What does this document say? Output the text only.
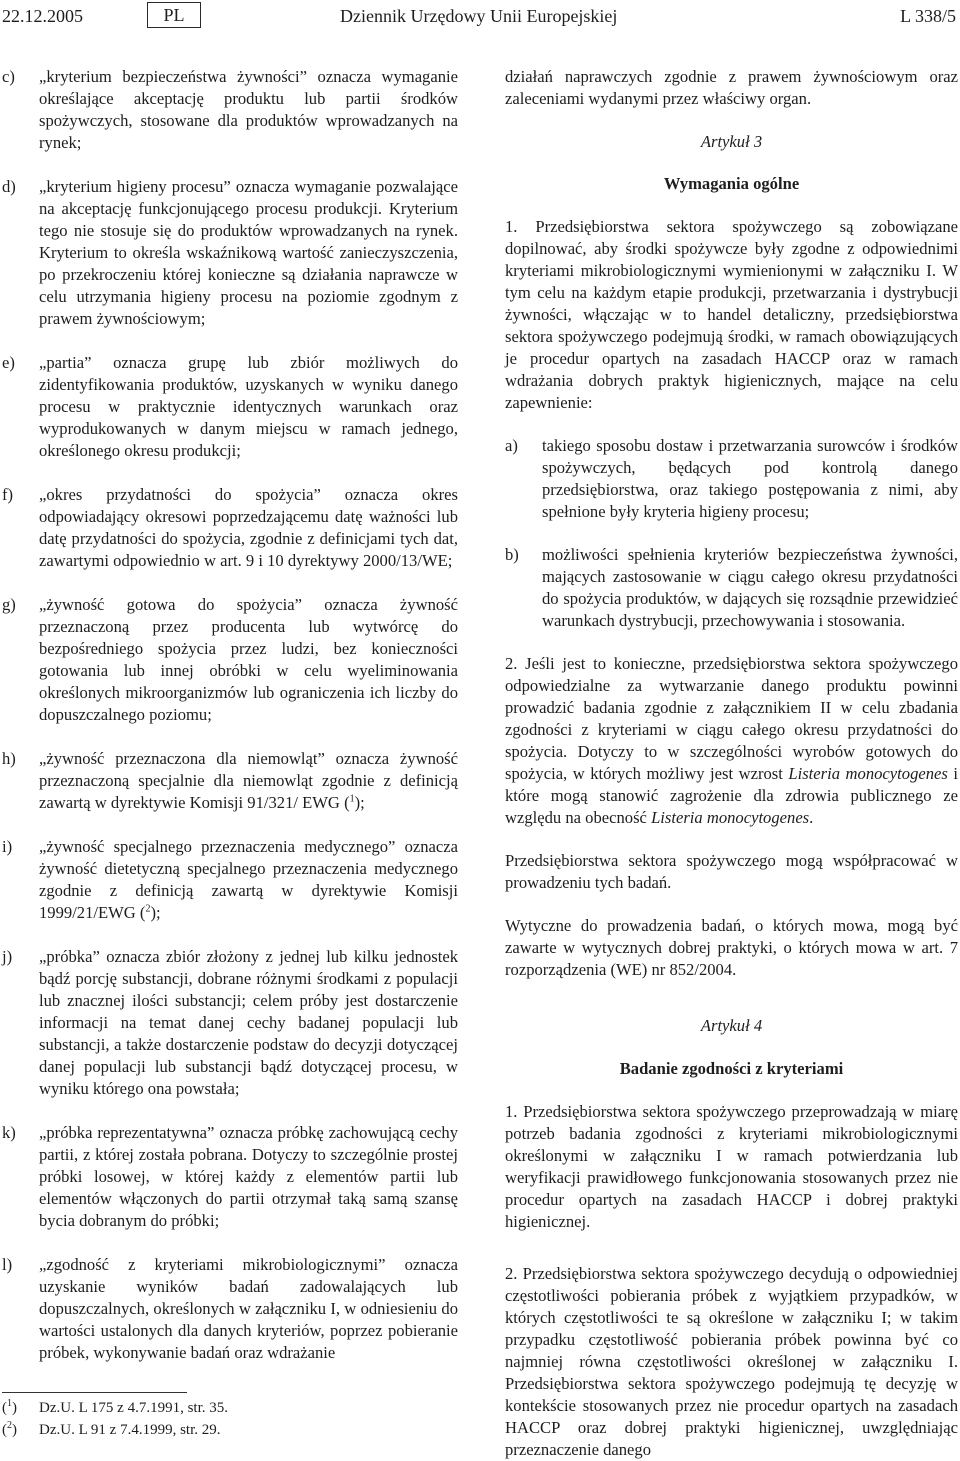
22.12.2005	PL	Dziennik Urzędowy Unii Europejskiej	L 338/5
c) „kryterium bezpieczeństwa żywności” oznacza wymaganie określające akceptację produktu lub partii środków spożywczych, stosowane dla produktów wprowadzanych na rynek;
d) „kryterium higieny procesu” oznacza wymaganie pozwalające na akceptację funkcjonującego procesu produkcji. Kryterium tego nie stosuje się do produktów wprowadzanych na rynek. Kryterium to określa wskaźnikową wartość zanieczyszczenia, po przekroczeniu której konieczne są działania naprawcze w celu utrzymania higieny procesu na poziomie zgodnym z prawem żywnościowym;
e) „partia” oznacza grupę lub zbiór możliwych do zidentyfikowania produktów, uzyskanych w wyniku danego procesu w praktycznie identycznych warunkach oraz wyprodukowanych w danym miejscu w ramach jednego, określonego okresu produkcji;
f) „okres przydatności do spożycia” oznacza okres odpowiadający okresowi poprzedzającemu datę ważności lub datę przydatności do spożycia, zgodnie z definicjami tych dat, zawartymi odpowiednio w art. 9 i 10 dyrektywy 2000/13/WE;
g) „żywność gotowa do spożycia” oznacza żywność przeznaczoną przez producenta lub wytwórcę do bezpośredniego spożycia przez ludzi, bez konieczności gotowania lub innej obróbki w celu wyeliminowania określonych mikroorganizmów lub ograniczenia ich liczby do dopuszczalnego poziomu;
h) „żywność przeznaczona dla niemowląt” oznacza żywność przeznaczoną specjalnie dla niemowląt zgodnie z definicją zawartą w dyrektywie Komisji 91/321/ EWG ($^1$);
i) „żywność specjalnego przeznaczenia medycznego” oznacza żywność dietetyczną specjalnego przeznaczenia medycznego zgodnie z definicją zawartą w dyrektywie Komisji 1999/21/EWG ($^2$);
j) „próbka” oznacza zbiór złożony z jednej lub kilku jednostek bądź porcję substancji, dobrane różnymi środkami z populacji lub znacznej ilości substancji; celem próby jest dostarczenie informacji na temat danej cechy badanej populacji lub substancji, a także dostarczenie podstaw do decyzji dotyczącej danej populacji lub substancji bądź dotyczącej procesu, w wyniku którego ona powstała;
k) „próbka reprezentatywna” oznacza próbkę zachowującą cechy partii, z której została pobrana. Dotyczy to szczególnie prostej próbki losowej, w której każdy z elementów partii lub elementów włączonych do partii otrzymał taką samą szansę bycia dobranym do próbki;
l) „zgodność z kryteriami mikrobiologicznymi” oznacza uzyskanie wyników badań zadowalających lub dopuszczalnych, określonych w załączniku I, w odniesieniu do wartości ustalonych dla danych kryteriów, poprzez pobieranie próbek, wykonywanie badań oraz wdrażanie
($^1$) Dz.U. L 175 z 4.7.1991, str. 35.
($^2$) Dz.U. L 91 z 7.4.1999, str. 29.

działań naprawczych zgodnie z prawem żywnościowym oraz zaleceniami wydanymi przez właściwy organ.

Artykuł 3

Wymagania ogólne

1. Przedsiębiorstwa sektora spożywczego są zobowiązane dopilnować, aby środki spożywcze były zgodne z odpowiednimi kryteriami mikrobiologicznymi wymienionymi w załączniku I. W tym celu na każdym etapie produkcji, przetwarzania i dystrybucji żywności, włączając w to handel detaliczny, przedsiębiorstwa sektora spożywczego podejmują środki, w ramach obowiązujących je procedur opartych na zasadach HACCP oraz w ramach wdrażania dobrych praktyk higienicznych, mające na celu zapewnienie:

a) takiego sposobu dostaw i przetwarzania surowców i środków spożywczych, będących pod kontrolą danego przedsiębiorstwa, oraz takiego postępowania z nimi, aby spełnione były kryteria higieny procesu;
b) możliwości spełnienia kryteriów bezpieczeństwa żywności, mających zastosowanie w ciągu całego okresu przydatności do spożycia produktów, w dających się rozsądnie przewidzieć warunkach dystrybucji, przechowywania i stosowania.

2. Jeśli jest to konieczne, przedsiębiorstwa sektora spożywczego odpowiedzialne za wytwarzanie danego produktu powinni prowadzić badania zgodnie z załącznikiem II w celu zbadania zgodności z kryteriami w ciągu całego okresu przydatności do spożycia. Dotyczy to w szczególności wyrobów gotowych do spożycia, w których możliwy jest wzrost Listeria monocytogenes i które mogą stanowić zagrożenie dla zdrowia publicznego ze względu na obecność Listeria monocytogenes.

Przedsiębiorstwa sektora spożywczego mogą współpracować w prowadzeniu tych badań.

Wytyczne do prowadzenia badań, o których mowa, mogą być zawarte w wytycznych dobrej praktyki, o których mowa w art. 7 rozporządzenia (WE) nr 852/2004.

Artykuł 4

Badanie zgodności z kryteriami

1. Przedsiębiorstwa sektora spożywczego przeprowadzają w miarę potrzeb badania zgodności z kryteriami mikrobiologicznymi określonymi w załączniku I w ramach potwierdzania lub weryfikacji prawidłowego funkcjonowania stosowanych przez nie procedur opartych na zasadach HACCP i dobrej praktyki higienicznej.

2. Przedsiębiorstwa sektora spożywczego decydują o odpowiedniej częstotliwości pobierania próbek z wyjątkiem przypadków, w których częstotliwości te są określone w załączniku I; w takim przypadku częstotliwość pobierania próbek powinna być co najmniej równa częstotliwości określonej w załączniku I. Przedsiębiorstwa sektora spożywczego podejmują tę decyzję w kontekście stosowanych przez nie procedur opartych na zasadach HACCP oraz dobrej praktyki higienicznej, uwzględniając przeznaczenie danego
